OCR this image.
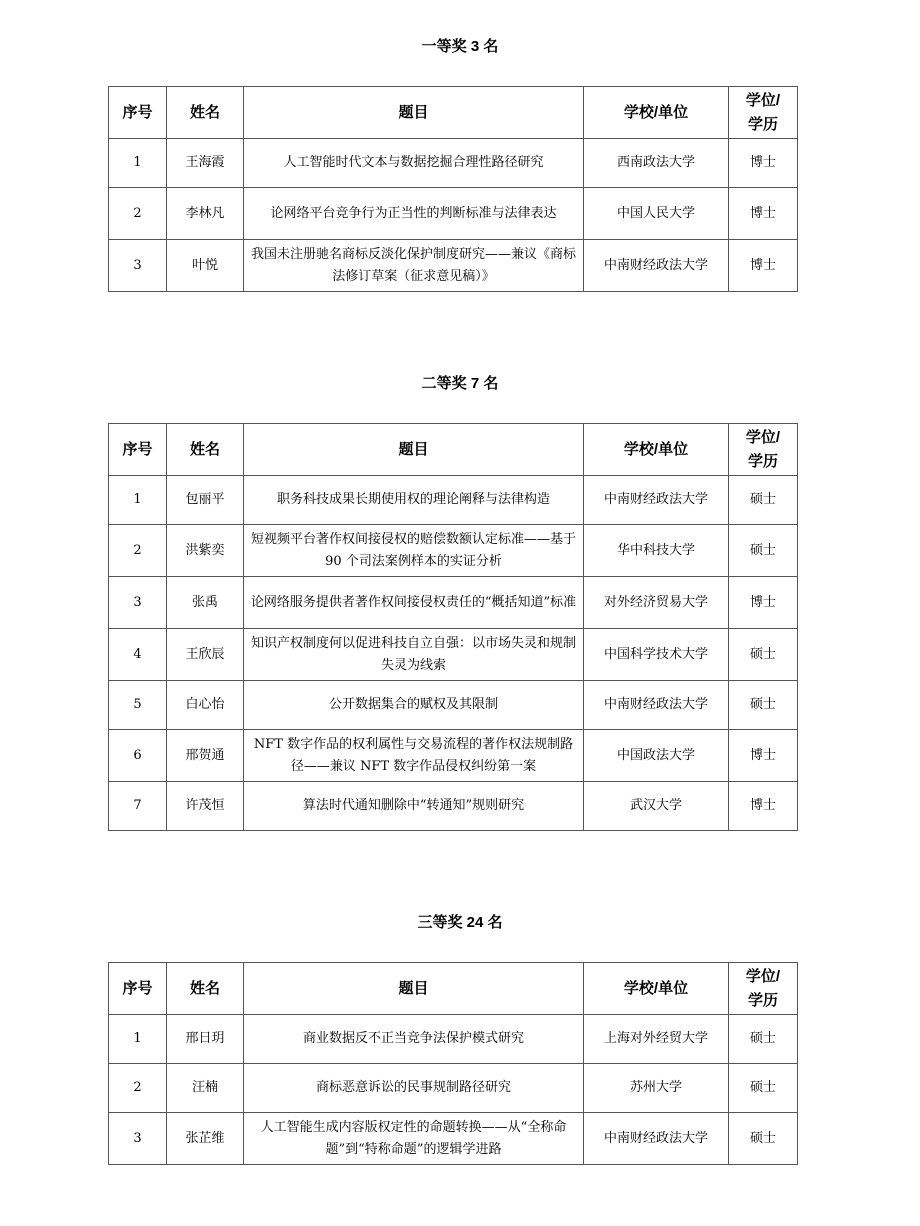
一等奖 3 名
序号	姓名	题目	学校/单位	学位/学历
1	王海霞	人工智能时代文本与数据挖掘合理性路径研究	西南政法大学	博士
2	李林凡	论网络平台竞争行为正当性的判断标准与法律表达	中国人民大学	博士
3	叶悦	我国未注册驰名商标反淡化保护制度研究——兼议《商标法修订草案（征求意见稿）》	中南财经政法大学	博士
二等奖 7 名
序号	姓名	题目	学校/单位	学位/学历
1	包丽平	职务科技成果长期使用权的理论阐释与法律构造	中南财经政法大学	硕士
2	洪紫奕	短视频平台著作权间接侵权的赔偿数额认定标准——基于 90 个司法案例样本的实证分析	华中科技大学	硕士
3	张禹	论网络服务提供者著作权间接侵权责任的“概括知道”标准	对外经济贸易大学	博士
4	王欣辰	知识产权制度何以促进科技自立自强：以市场失灵和规制失灵为线索	中国科学技术大学	硕士
5	白心怡	公开数据集合的赋权及其限制	中南财经政法大学	硕士
6	邢贺通	NFT 数字作品的权利属性与交易流程的著作权法规制路径——兼议 NFT 数字作品侵权纠纷第一案	中国政法大学	博士
7	许茂恒	算法时代通知删除中“转通知”规则研究	武汉大学	博士
三等奖 24 名
序号	姓名	题目	学校/单位	学位/学历
1	邢日玥	商业数据反不正当竞争法保护模式研究	上海对外经贸大学	硕士
2	汪楠	商标恶意诉讼的民事规制路径研究	苏州大学	硕士
3	张芷维	人工智能生成内容版权定性的命题转换——从“全称命题”到“特称命题”的逻辑学进路	中南财经政法大学	硕士
